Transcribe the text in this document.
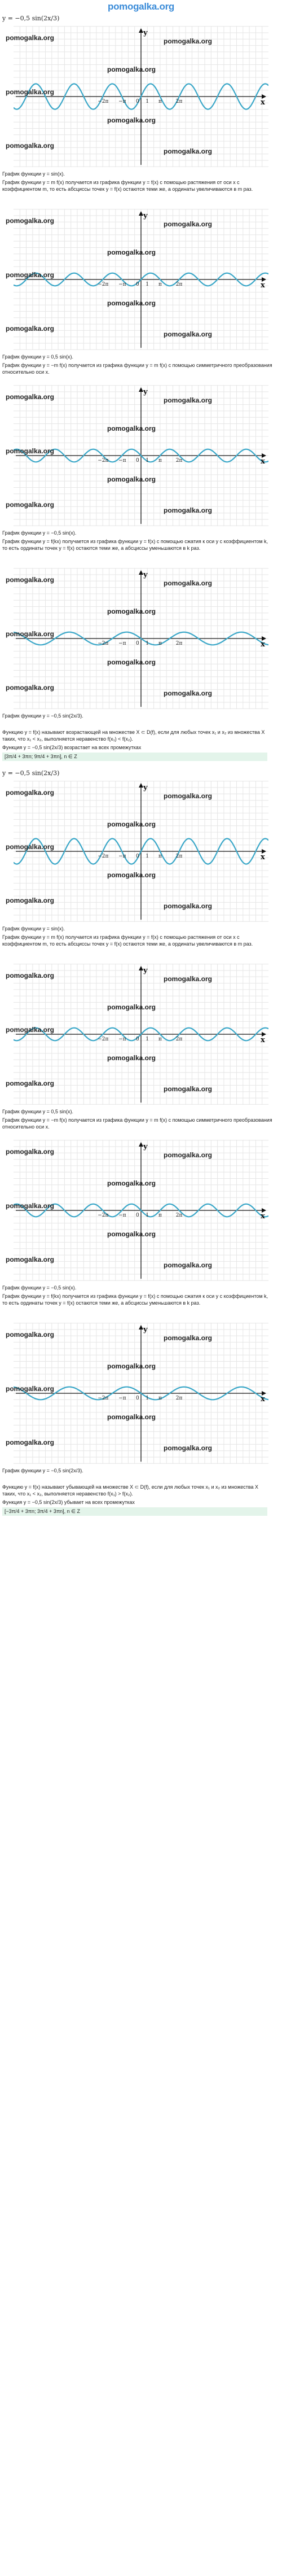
pomogalka.org
y = −0,5 sin(2x/3)
x
y
0 1 π	2π
−π
−2π
pomogalka.org	pomogalka.org
pomogalka.org
pomogalka.org
pomogalka.org
pomogalka.org
pomogalka.org
График функции y = sin(x).
График функции y = m f(x) получается из графика функции y = f(x) с помощью растяжения от оси x с коэффициентом m, то есть абсциссы точек y = f(x) остаются теми же, а ординаты увеличиваются в m раз.
x
y
0 1 π	2π
−π
−2π
pomogalka.org	pomogalka.org
pomogalka.org
pomogalka.org
pomogalka.org
pomogalka.org
pomogalka.org
График функции y = 0,5 sin(x).
График функции y = −m f(x) получается из графика функции y = m f(x) с помощью симметричного преобразования относительно оси x.
x
y
0 1 π	2π
−π
−2π
pomogalka.org	pomogalka.org
pomogalka.org
pomogalka.org
pomogalka.org
pomogalka.org
pomogalka.org
График функции y = −0,5 sin(x).
График функции y = f(kx) получается из графика функции y = f(x) с помощью сжатия к оси y с коэффициентом k, то есть ординаты точек y = f(x) остаются теми же, а абсциссы уменьшаются в k раз.
x
y
0 1 π	2π
−π
−2π
pomogalka.org	pomogalka.org
pomogalka.org
pomogalka.org
pomogalka.org
pomogalka.org
pomogalka.org
График функции y = −0,5 sin(2x/3).
Функцию y = f(x) называют возрастающей на множестве X ⊂ D(f), если для любых точек x₁ и x₂ из множества X таких, что x₁ < x₂, выполняется неравенство f(x₁) < f(x₂).
Функция y = −0,5 sin(2x/3) возрастает на всех промежутках
[3π/4 + 3πn; 9π/4 + 3πn], n ∈ Z
y = −0,5 sin(2x/3)
x
y
0 1 π	2π
−π
−2π
pomogalka.org	pomogalka.org
pomogalka.org
pomogalka.org
pomogalka.org
pomogalka.org
pomogalka.org
График функции y = sin(x).
График функции y = m f(x) получается из графика функции y = f(x) с помощью растяжения от оси x с коэффициентом m, то есть абсциссы точек y = f(x) остаются теми же, а ординаты увеличиваются в m раз.
x
y
0 1 π	2π
−π
−2π
pomogalka.org	pomogalka.org
pomogalka.org
pomogalka.org
pomogalka.org
pomogalka.org
pomogalka.org
График функции y = 0,5 sin(x).
График функции y = −m f(x) получается из графика функции y = m f(x) с помощью симметричного преобразования относительно оси x.
x
y
0 1 π	2π
−π
−2π
pomogalka.org	pomogalka.org
pomogalka.org
pomogalka.org
pomogalka.org
pomogalka.org
pomogalka.org
График функции y = −0,5 sin(x).
График функции y = f(kx) получается из графика функции y = f(x) с помощью сжатия к оси y с коэффициентом k, то есть ординаты точек y = f(x) остаются теми же, а абсциссы уменьшаются в k раз.
x
y
0 1 π	2π
−π
−2π
pomogalka.org	pomogalka.org
pomogalka.org
pomogalka.org
pomogalka.org
pomogalka.org
pomogalka.org
График функции y = −0,5 sin(2x/3).
Функцию y = f(x) называют убывающей на множестве X ⊂ D(f), если для любых точек x₁ и x₂ из множества X таких, что x₁ < x₂, выполняется неравенство f(x₁) > f(x₂).
Функция y = −0,5 sin(2x/3) убывает на всех промежутках
[−3π/4 + 3πn; 3π/4 + 3πn], n ∈ Z
